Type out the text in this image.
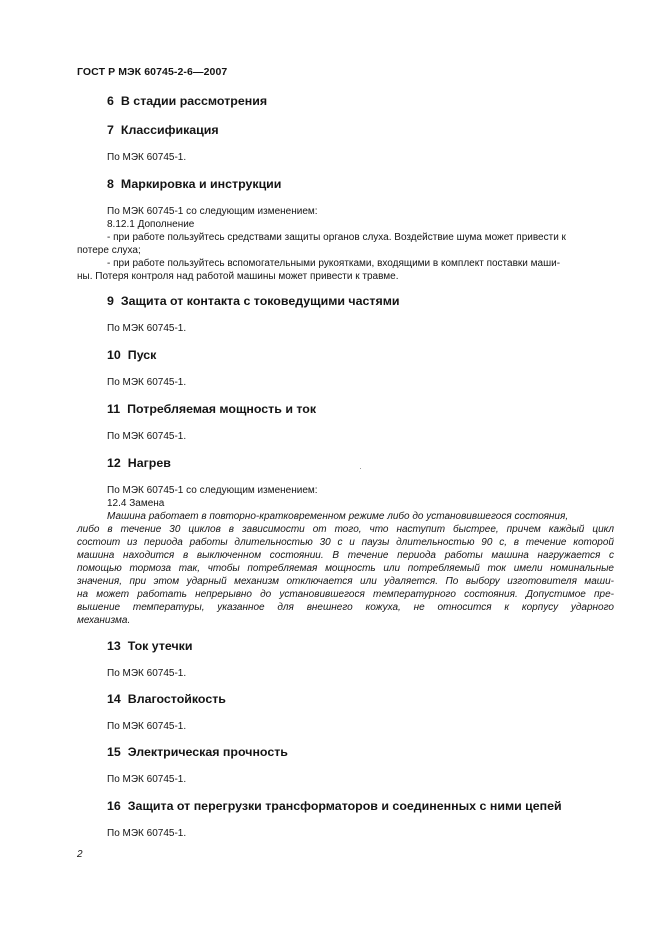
ГОСТ Р МЭК 60745-2-6—2007
6 В стадии рассмотрения
7 Классификация
По МЭК 60745-1.
8 Маркировка и инструкции
По МЭК 60745-1 со следующим изменением:
8.12.1 Дополнение
- при работе пользуйтесь средствами защиты органов слуха. Воздействие шума может привести к
потере слуха;
- при работе пользуйтесь вспомогательными рукоятками, входящими в комплект поставки маши-
ны. Потеря контроля над работой машины может привести к травме.
9 Защита от контакта с токоведущими частями
По МЭК 60745-1.
10 Пуск
По МЭК 60745-1.
11 Потребляемая мощность и ток
По МЭК 60745-1.
12 Нагрев
По МЭК 60745-1 со следующим изменением:
12.4 Замена
Машина работает в повторно-кратковременном режиме либо до установившегося состояния,
либо в течение 30 циклов в зависимости от того, что наступит быстрее, причем каждый цикл
состоит из периода работы длительностью 30 с и паузы длительностью 90 с, в течение которой
машина находится в выключенном состоянии. В течение периода работы машина нагружается с
помощью тормоза так, чтобы потребляемая мощность или потребляемый ток имели номинальные
значения, при этом ударный механизм отключается или удаляется. По выбору изготовителя маши-
на может работать непрерывно до установившегося температурного состояния. Допустимое пре-
вышение температуры, указанное для внешнего кожуха, не относится к корпусу ударного
механизма.
13 Ток утечки
По МЭК 60745-1.
14 Влагостойкость
По МЭК 60745-1.
15 Электрическая прочность
По МЭК 60745-1.
16 Защита от перегрузки трансформаторов и соединенных с ними цепей
По МЭК 60745-1.
2
